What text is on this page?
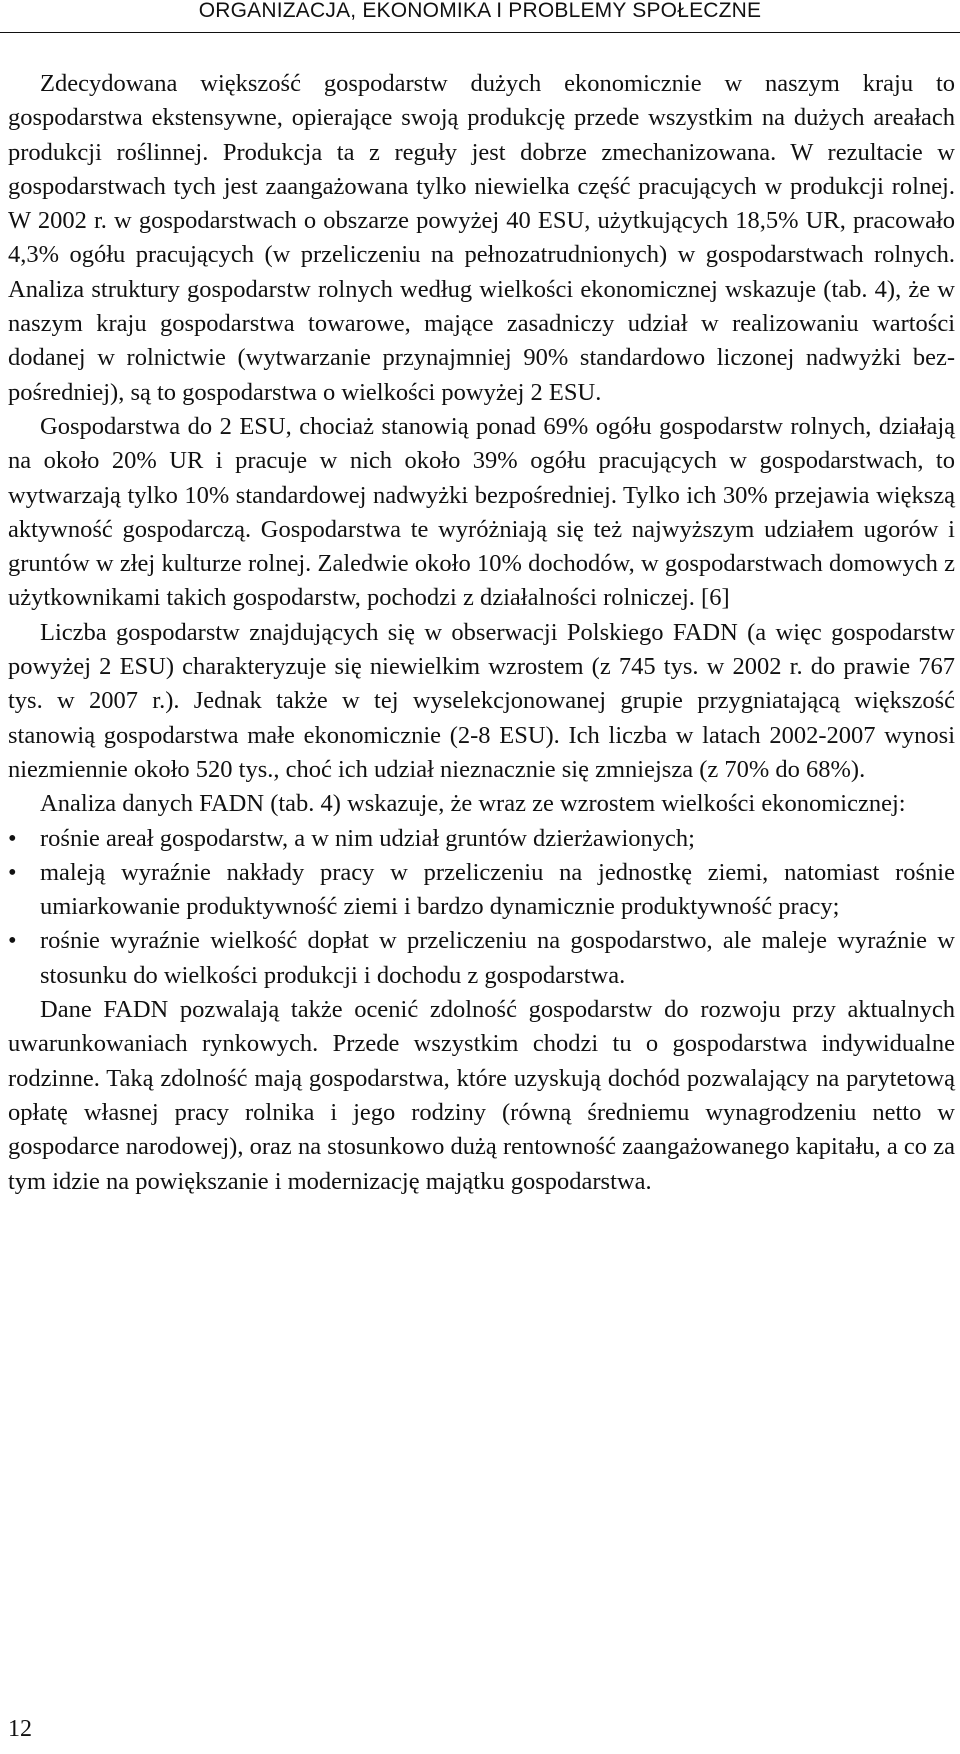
ORGANIZACJA, EKONOMIKA I PROBLEMY SPOŁECZNE

Zdecydowana większość gospodarstw dużych ekonomicznie w naszym kraju to gospodarstwa ekstensywne, opierające swoją produkcję przede wszystkim na dużych areałach produkcji roślinnej. Produkcja ta z reguły jest dobrze zmechanizowana. W rezultacie w gospodarstwach tych jest zaangażowana tylko niewielka część pracujących w produkcji rolnej. W 2002 r. w gospodarstwach o obszarze powyżej 40 ESU, użytkujących 18,5% UR, pracowało 4,3% ogółu pracujących (w przeliczeniu na pełnozatrudnionych) w gospodarstwach rolnych. Analiza struktury gospodarstw rolnych według wielkości ekonomicznej wskazuje (tab. 4), że w naszym kraju gospodarstwa towarowe, mające zasadniczy udział w realizowaniu wartości dodanej w rolnictwie (wytwarzanie przynajmniej 90% standardowo liczonej nadwyżki bezpośredniej), są to gospodarstwa o wielkości powyżej 2 ESU.

Gospodarstwa do 2 ESU, chociaż stanowią ponad 69% ogółu gospodarstw rolnych, działają na około 20% UR i pracuje w nich około 39% ogółu pracujących w gospodarstwach, to wytwarzają tylko 10% standardowej nadwyżki bezpośredniej. Tylko ich 30% przejawia większą aktywność gospodarczą. Gospodarstwa te wyróżniają się też najwyższym udziałem ugorów i gruntów w złej kulturze rolnej. Zaledwie około 10% dochodów, w gospodarstwach domowych z użytkownikami takich gospodarstw, pochodzi z działalności rolniczej. [6]

Liczba gospodarstw znajdujących się w obserwacji Polskiego FADN (a więc gospodarstw powyżej 2 ESU) charakteryzuje się niewielkim wzrostem (z 745 tys. w 2002 r. do prawie 767 tys. w 2007 r.). Jednak także w tej wyselekcjonowanej grupie przygniatającą większość stanowią gospodarstwa małe ekonomicznie (2-8 ESU). Ich liczba w latach 2002-2007 wynosi niezmiennie około 520 tys., choć ich udział nieznacznie się zmniejsza (z 70% do 68%).

Analiza danych FADN (tab. 4) wskazuje, że wraz ze wzrostem wielkości ekonomicznej:

• rośnie areał gospodarstw, a w nim udział gruntów dzierżawionych;
• maleją wyraźnie nakłady pracy w przeliczeniu na jednostkę ziemi, natomiast rośnie umiarkowanie produktywność ziemi i bardzo dynamicznie produktywność pracy;
• rośnie wyraźnie wielkość dopłat w przeliczeniu na gospodarstwo, ale maleje wyraźnie w stosunku do wielkości produkcji i dochodu z gospodarstwa.

Dane FADN pozwalają także ocenić zdolność gospodarstw do rozwoju przy aktualnych uwarunkowaniach rynkowych. Przede wszystkim chodzi tu o gospodarstwa indywidualne rodzinne. Taką zdolność mają gospodarstwa, które uzyskują dochód pozwalający na parytetową opłatę własnej pracy rolnika i jego rodziny (równą średniemu wynagrodzeniu netto w gospodarce narodowej), oraz na stosunkowo dużą rentowność zaangażowanego kapitału, a co za tym idzie na powiększanie i modernizację majątku gospodarstwa.

12
